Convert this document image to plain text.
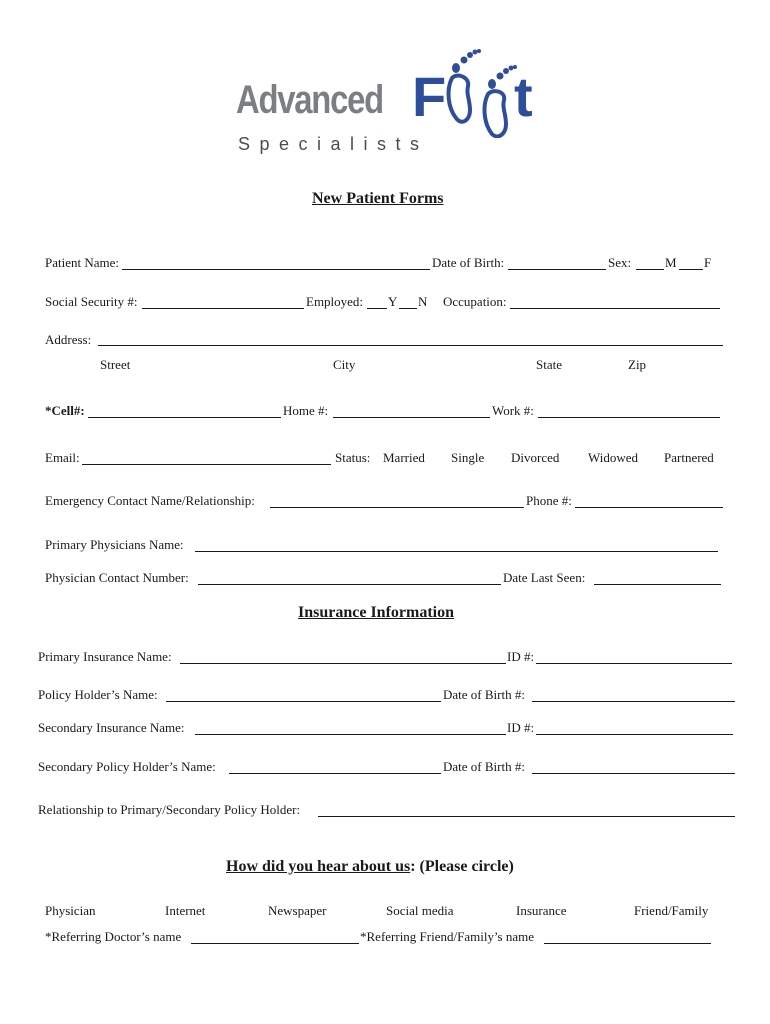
Advanced F t
Specialists
New Patient Forms
Patient Name:	Date of Birth:	Sex:	M F
Social Security #:	Employed: Y N Occupation:
Address:
Street	City	State	Zip
*Cell#:	Home #:	Work #:
Email:	Status: Married Single Divorced Widowed Partnered
Emergency Contact Name/Relationship:	Phone #:
Primary Physicians Name:
Physician Contact Number:	Date Last Seen:
Insurance Information
Primary Insurance Name:	ID #:
Policy Holder’s Name:	Date of Birth #:
Secondary Insurance Name:	ID #:
Secondary Policy Holder’s Name:	Date of Birth #:
Relationship to Primary/Secondary Policy Holder:
How did you hear about us: (Please circle)
Physician	Internet	Newspaper	Social media	Insurance	Friend/Family
*Referring Doctor’s name	*Referring Friend/Family’s name
